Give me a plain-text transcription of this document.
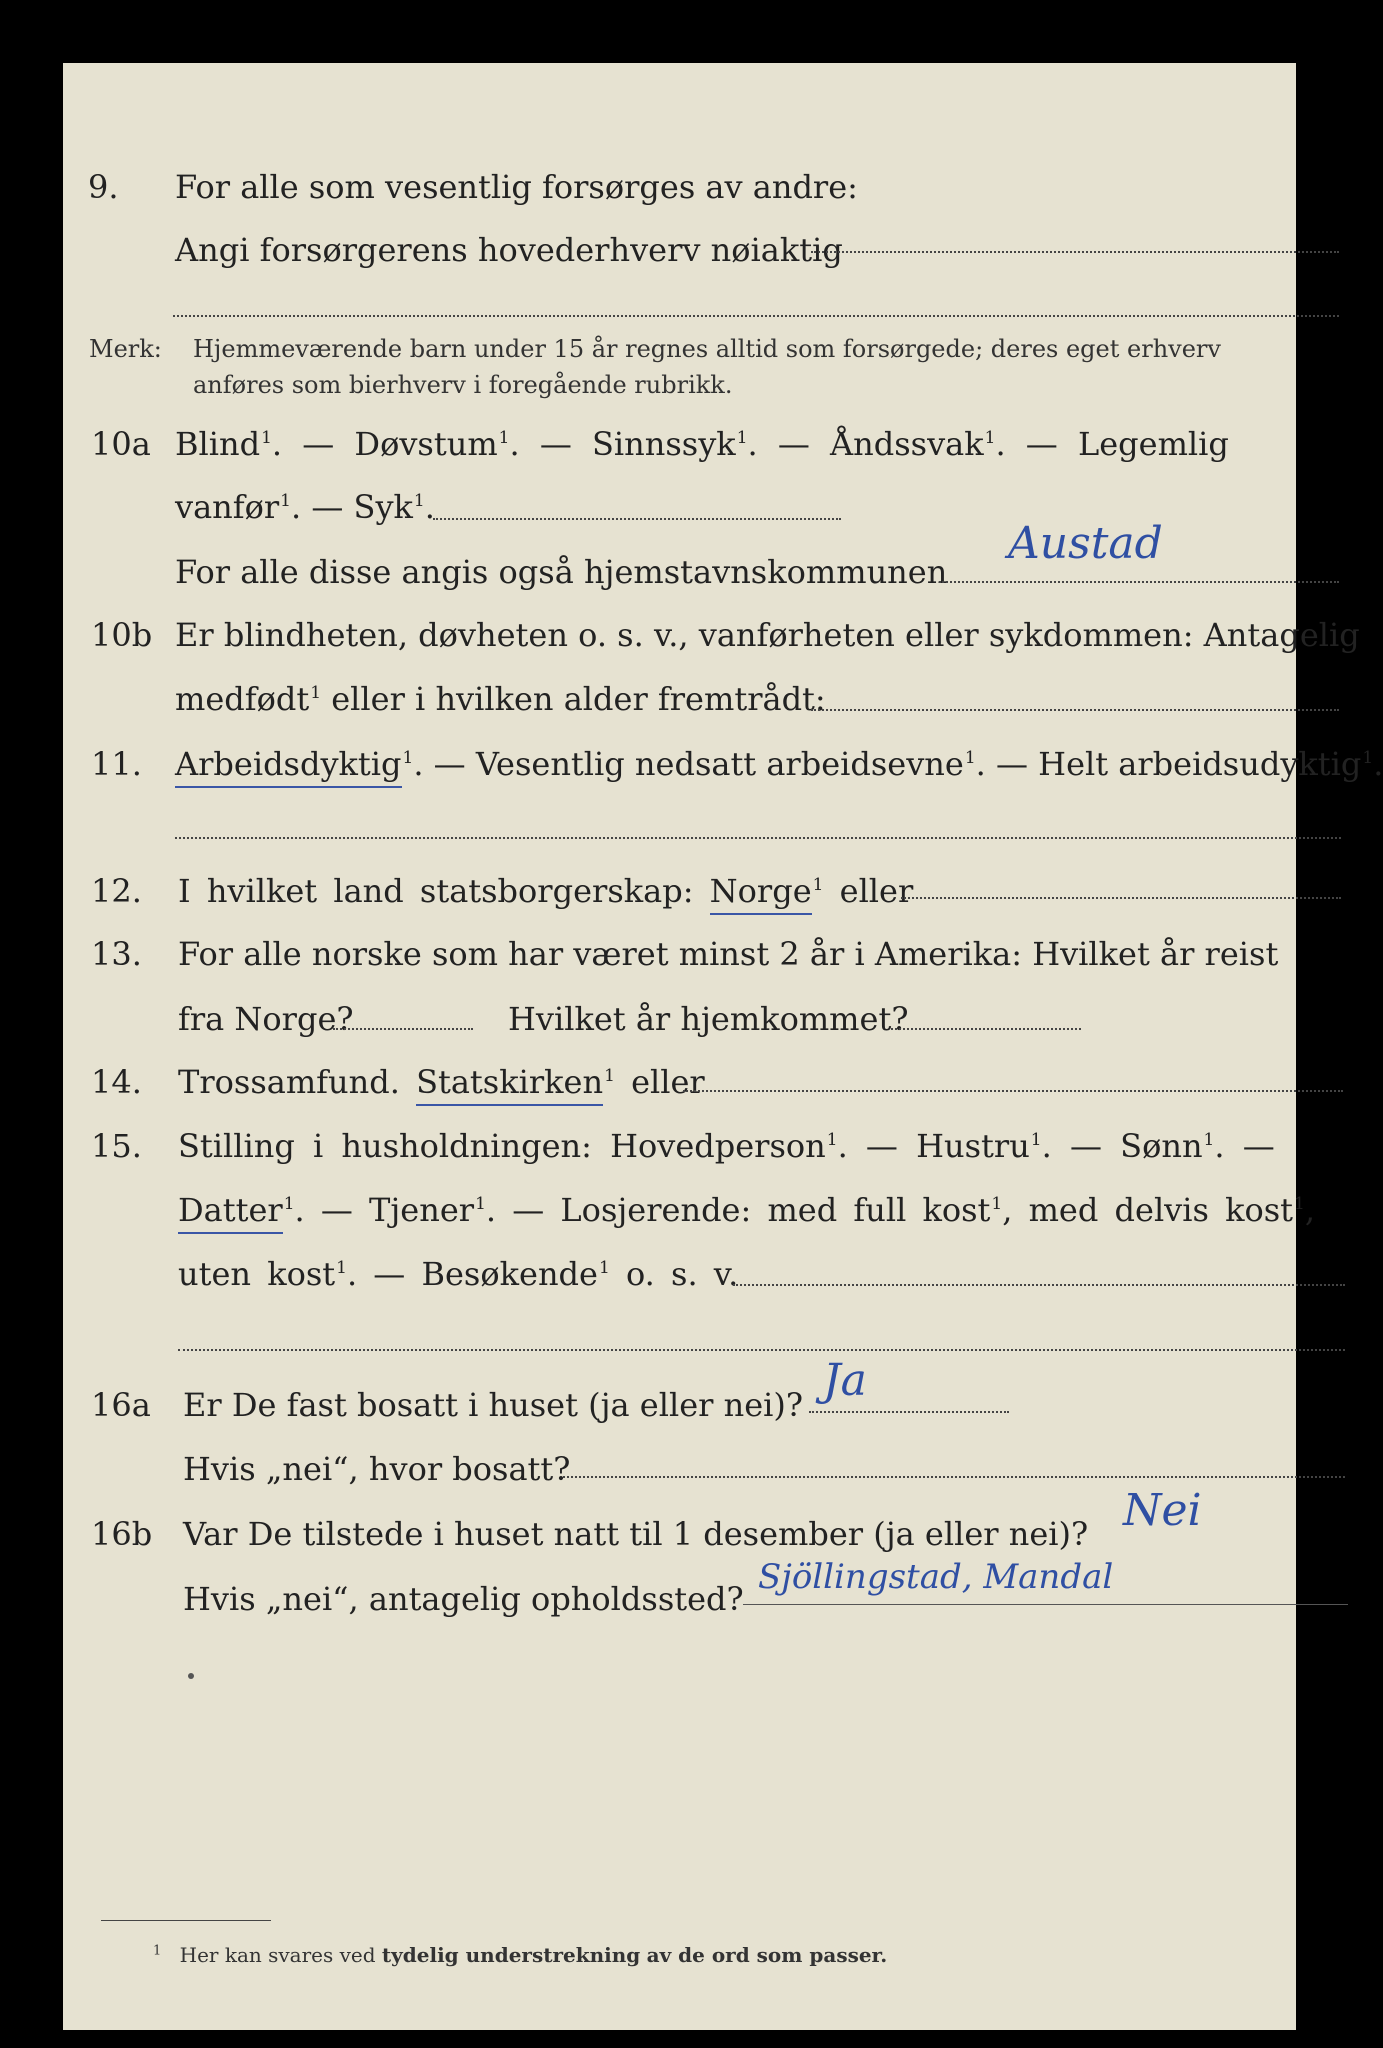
9.	For alle som vesentlig forsørges av andre:
Angi forsørgerens hovederhverv nøiaktig
Merk: Hjemmeværende barn under 15 år regnes alltid som forsørgede; deres eget erhverv
anføres som bierhverv i foregående rubrikk.
10a Blind$^1$. — Døvstum$^1$. — Sinnssyk$^1$. — Åndssvak$^1$. — Legemlig
vanfør$^1$. — Syk$^1$.
For alle disse angis også hjemstavnskommunen
Austad
10b Er blindheten, døvheten o. s. v., vanførheten eller sykdommen: Antagelig
medfødt$^1$ eller i hvilken alder fremtrådt:
11. Arbeidsdyktig$^1$. — Vesentlig nedsatt arbeidsevne$^1$. — Helt arbeidsudyktig$^1$.
12. I hvilket land statsborgerskap: Norge$^1$ eller
13. For alle norske som har været minst 2 år i Amerika: Hvilket år reist
fra Norge?	Hvilket år hjemkommet?
14. Trossamfund. Statskirken$^1$ eller
15. Stilling i husholdningen: Hovedperson$^1$. — Hustru$^1$. — Sønn$^1$. —
Datter$^1$. — Tjener$^1$. — Losjerende: med full kost$^1$, med delvis kost$^1$,
uten kost$^1$. — Besøkende$^1$ o. s. v.
16a Er De fast bosatt i huset (ja eller nei)? Ja
Hvis „nei“, hvor bosatt?
16b Var De tilstede i huset natt til 1 desember (ja eller nei)? Nei
Hvis „nei“, antagelig opholdssted?
Sjöllingstad, Mandal
$^1$ Her kan svares ved tydelig understrekning av de ord som passer.
